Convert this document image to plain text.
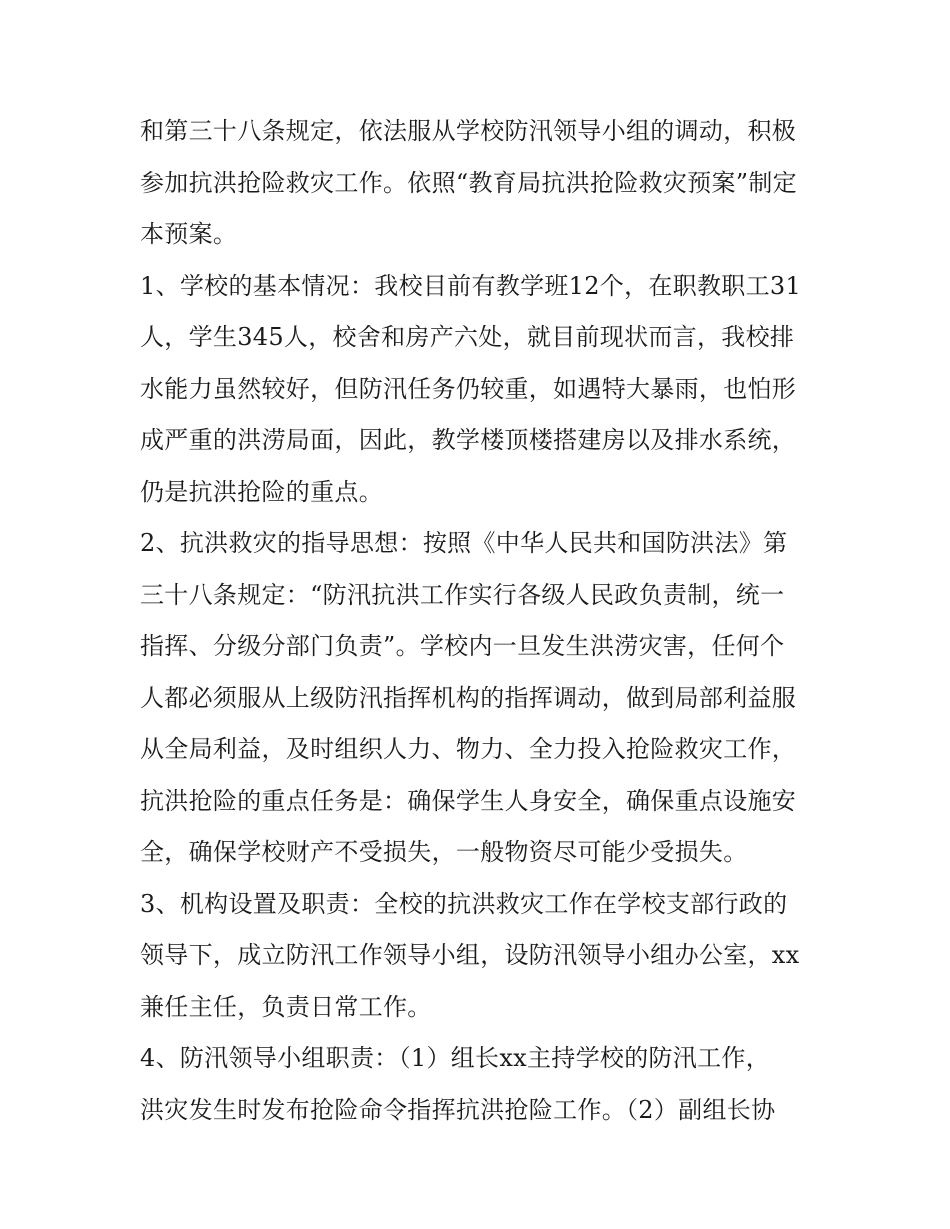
和第三十八条规定，依法服从学校防汛领导小组的调动，积极
参加抗洪抢险救灾工作。依照“教育局抗洪抢险救灾预案”制定
本预案。
1、学校的基本情况：我校目前有教学班12个，在职教职工31
人，学生345人，校舍和房产六处，就目前现状而言，我校排
水能力虽然较好，但防汛任务仍较重，如遇特大暴雨，也怕形
成严重的洪涝局面，因此，教学楼顶楼搭建房以及排水系统，
仍是抗洪抢险的重点。
2、抗洪救灾的指导思想：按照《中华人民共和国防洪法》第
三十八条规定：“防汛抗洪工作实行各级人民政负责制，统一
指挥、分级分部门负责”。学校内一旦发生洪涝灾害，任何个
人都必须服从上级防汛指挥机构的指挥调动，做到局部利益服
从全局利益，及时组织人力、物力、全力投入抢险救灾工作，
抗洪抢险的重点任务是：确保学生人身安全，确保重点设施安
全，确保学校财产不受损失，一般物资尽可能少受损失。
3、机构设置及职责：全校的抗洪救灾工作在学校支部行政的
领导下，成立防汛工作领导小组，设防汛领导小组办公室，xx
兼任主任，负责日常工作。
4、防汛领导小组职责：（1）组长xx主持学校的防汛工作，
洪灾发生时发布抢险命令指挥抗洪抢险工作。（2）副组长协
